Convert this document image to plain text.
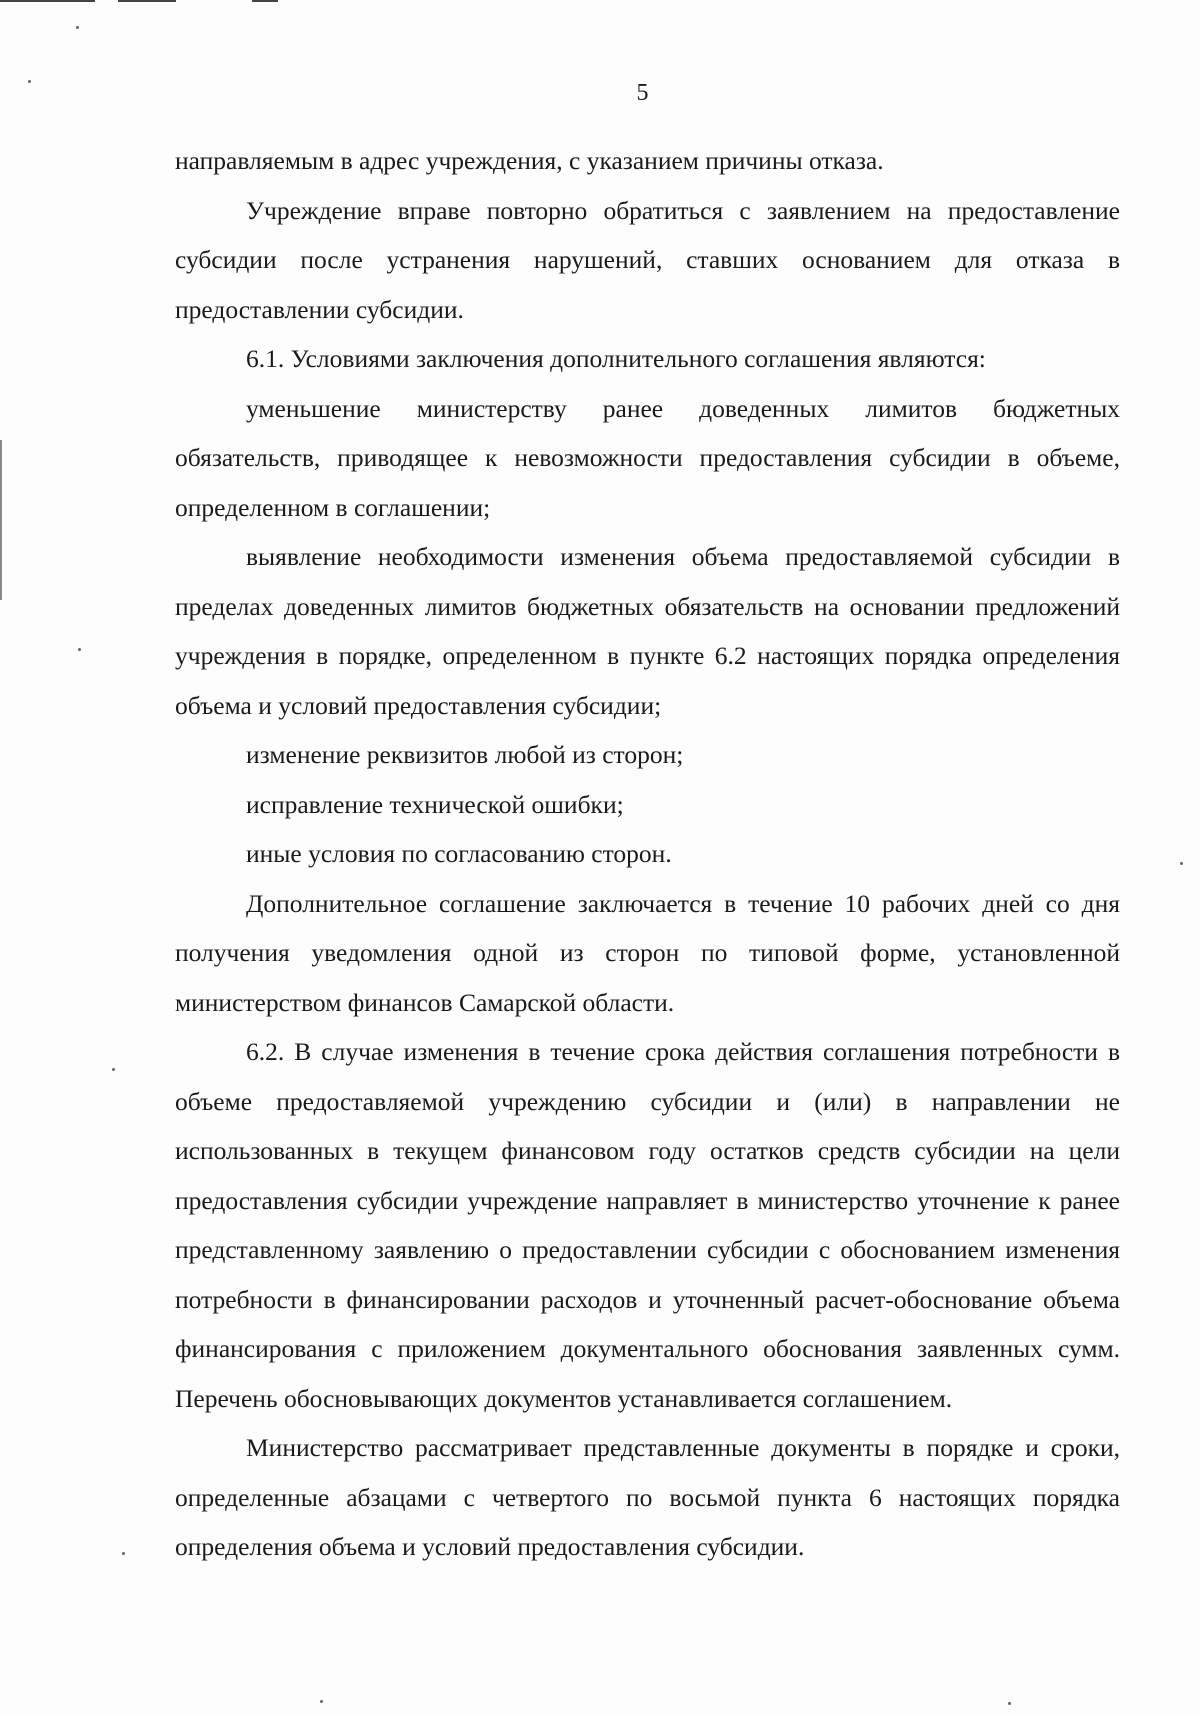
5

направляемым в адрес учреждения, с указанием причины отказа.

Учреждение вправе повторно обратиться с заявлением на предоставление субсидии после устранения нарушений, ставших основанием для отказа в предоставлении субсидии.

6.1. Условиями заключения дополнительного соглашения являются:

уменьшение министерству ранее доведенных лимитов бюджетных обязательств, приводящее к невозможности предоставления субсидии в объеме, определенном в соглашении;

выявление необходимости изменения объема предоставляемой субсидии в пределах доведенных лимитов бюджетных обязательств на основании предложений учреждения в порядке, определенном в пункте 6.2 настоящих порядка определения объема и условий предоставления субсидии;

изменение реквизитов любой из сторон;

исправление технической ошибки;

иные условия по согласованию сторон.

Дополнительное соглашение заключается в течение 10 рабочих дней со дня получения уведомления одной из сторон по типовой форме, установленной министерством финансов Самарской области.

6.2. В случае изменения в течение срока действия соглашения потребности в объеме предоставляемой учреждению субсидии и (или) в направлении не использованных в текущем финансовом году остатков средств субсидии на цели предоставления субсидии учреждение направляет в министерство уточнение к ранее представленному заявлению о предоставлении субсидии с обоснованием изменения потребности в финансировании расходов и уточненный расчет-обоснование объема финансирования с приложением документального обоснования заявленных сумм. Перечень обосновывающих документов устанавливается соглашением.

Министерство рассматривает представленные документы в порядке и сроки, определенные абзацами с четвертого по восьмой пункта 6 настоящих порядка определения объема и условий предоставления субсидии.
